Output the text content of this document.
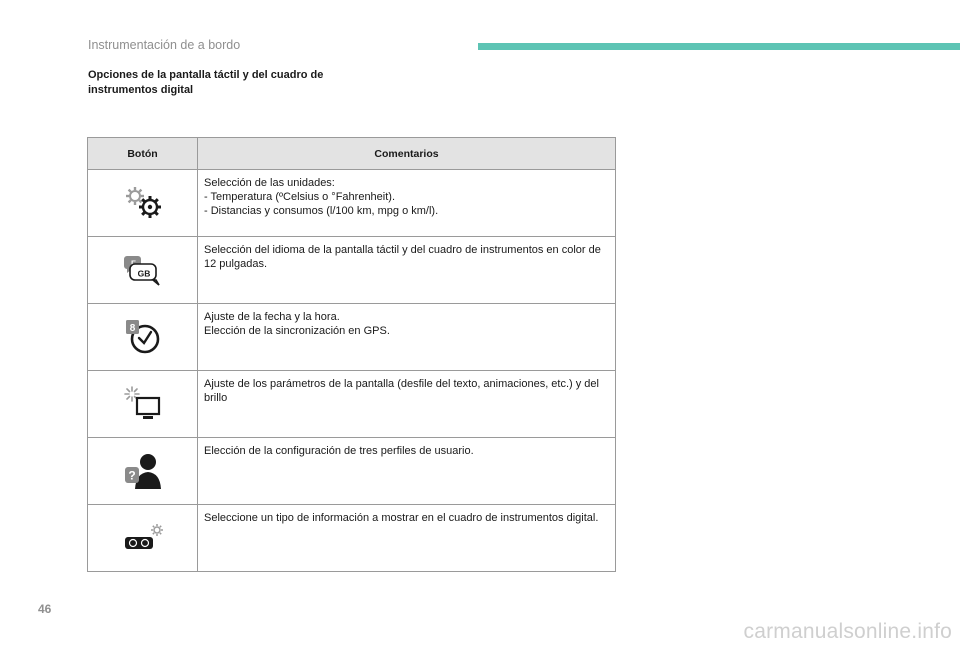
Instrumentación de a bordo
Opciones de la pantalla táctil y del cuadro de instrumentos digital
Botón	Comentarios

Selección de las unidades:
- Temperatura (ºCelsius o °Fahrenheit).
- Distancias y consumos (l/100 km, mpg o km/l).

GB	Selección del idioma de la pantalla táctil y del cuadro de instrumentos en color de 12 pulgadas.

8	Ajuste de la fecha y la hora.
Elección de la sincronización en GPS.

Ajuste de los parámetros de la pantalla (desfile del texto, animaciones, etc.) y del brillo

?	Elección de la configuración de tres perfiles de usuario.

Seleccione un tipo de información a mostrar en el cuadro de instrumentos digital.
46
carmanualsonline.info
